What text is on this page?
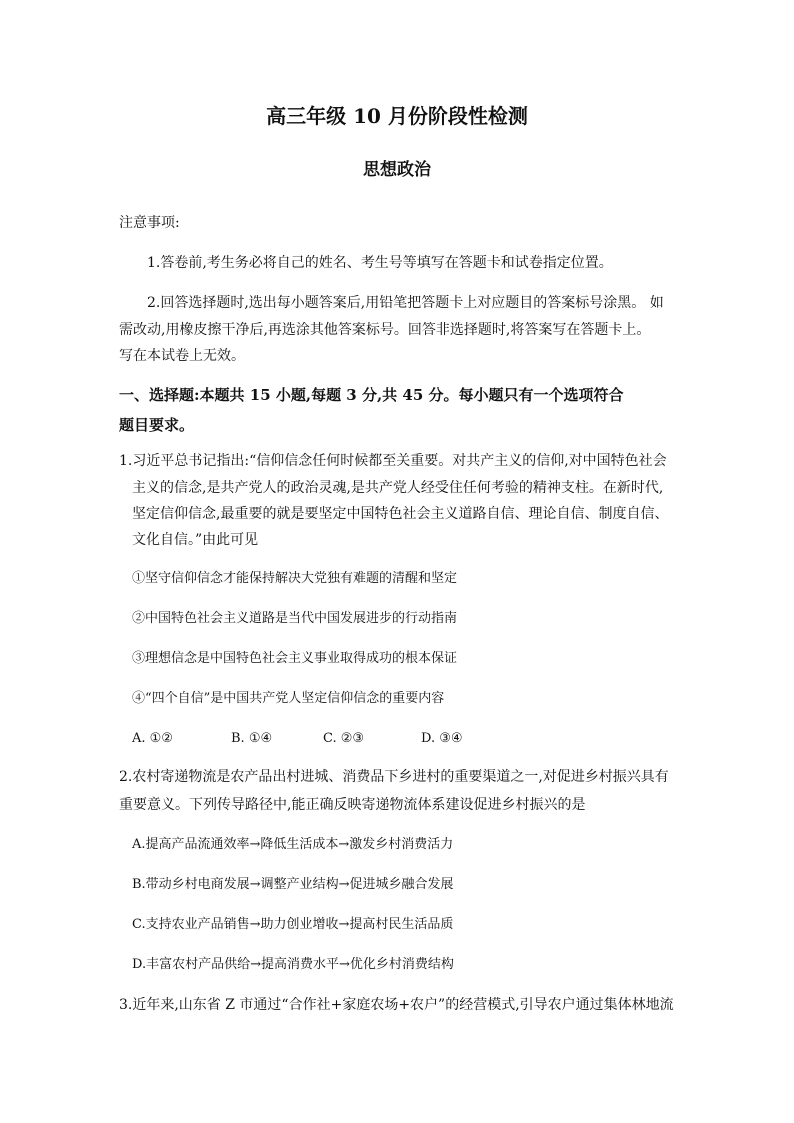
高三年级 10 月份阶段性检测
思想政治
注意事项:
1.答卷前,考生务必将自己的姓名、考生号等填写在答题卡和试卷指定位置。
2.回答选择题时,选出每小题答案后,用铅笔把答题卡上对应题目的答案标号涂黑。 如
需改动,用橡皮擦干净后,再选涂其他答案标号。回答非选择题时,将答案写在答题卡上。
写在本试卷上无效。
一、选择题:本题共 15 小题,每题 3 分,共 45 分。每小题只有一个选项符合
题目要求。
1.习近平总书记指出:“信仰信念任何时候都至关重要。对共产主义的信仰,对中国特色社会
主义的信念,是共产党人的政治灵魂,是共产党人经受住任何考验的精神支柱。在新时代,
坚定信仰信念,最重要的就是要坚定中国特色社会主义道路自信、理论自信、制度自信、
文化自信。”由此可见
①坚守信仰信念才能保持解决大党独有难题的清醒和坚定
②中国特色社会主义道路是当代中国发展进步的行动指南
③理想信念是中国特色社会主义事业取得成功的根本保证
④“四个自信”是中国共产党人坚定信仰信念的重要内容
A. ①②	B. ①④	C. ②③	D. ③④
2.农村寄递物流是农产品出村进城、消费品下乡进村的重要渠道之一,对促进乡村振兴具有
重要意义。下列传导路径中,能正确反映寄递物流体系建设促进乡村振兴的是
A.提高产品流通效率→降低生活成本→激发乡村消费活力
B.带动乡村电商发展→调整产业结构→促进城乡融合发展
C.支持农业产品销售→助力创业增收→提高村民生活品质
D.丰富农村产品供给→提高消费水平→优化乡村消费结构
3.近年来,山东省 Z 市通过“合作社+家庭农场+农户”的经营模式,引导农户通过集体林地流
